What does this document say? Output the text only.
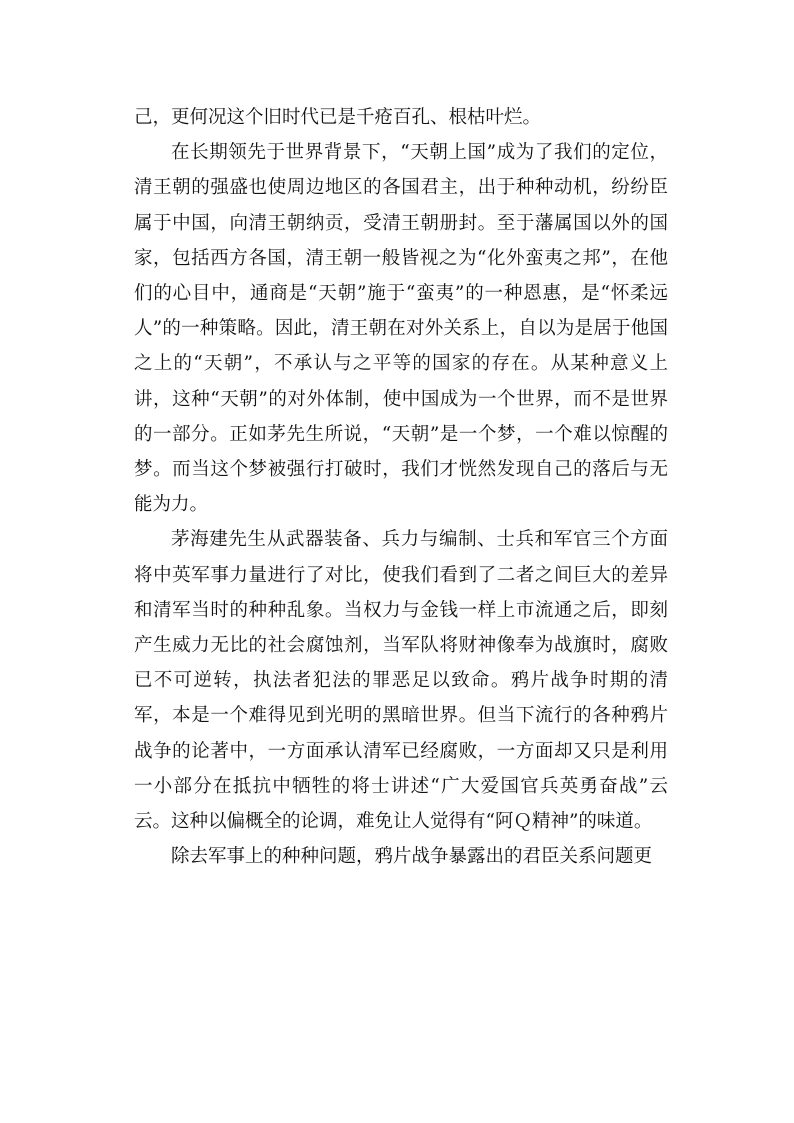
己，更何况这个旧时代已是千疮百孔、根枯叶烂。

在长期领先于世界背景下，“天朝上国”成为了我们的定位，清王朝的强盛也使周边地区的各国君主，出于种种动机，纷纷臣属于中国，向清王朝纳贡，受清王朝册封。至于藩属国以外的国家，包括西方各国，清王朝一般皆视之为“化外蛮夷之邦”，在他们的心目中，通商是“天朝”施于“蛮夷”的一种恩惠，是“怀柔远人”的一种策略。因此，清王朝在对外关系上，自以为是居于他国之上的“天朝”，不承认与之平等的国家的存在。从某种意义上讲，这种“天朝”的对外体制，使中国成为一个世界，而不是世界的一部分。正如茅先生所说，“天朝”是一个梦，一个难以惊醒的梦。而当这个梦被强行打破时，我们才恍然发现自己的落后与无能为力。

茅海建先生从武器装备、兵力与编制、士兵和军官三个方面将中英军事力量进行了对比，使我们看到了二者之间巨大的差异和清军当时的种种乱象。当权力与金钱一样上市流通之后，即刻产生威力无比的社会腐蚀剂，当军队将财神像奉为战旗时，腐败已不可逆转，执法者犯法的罪恶足以致命。鸦片战争时期的清军，本是一个难得见到光明的黑暗世界。但当下流行的各种鸦片战争的论著中，一方面承认清军已经腐败，一方面却又只是利用一小部分在抵抗中牺牲的将士讲述“广大爱国官兵英勇奋战”云云。这种以偏概全的论调，难免让人觉得有“阿Ｑ精神”的味道。

除去军事上的种种问题，鸦片战争暴露出的君臣关系问题更
